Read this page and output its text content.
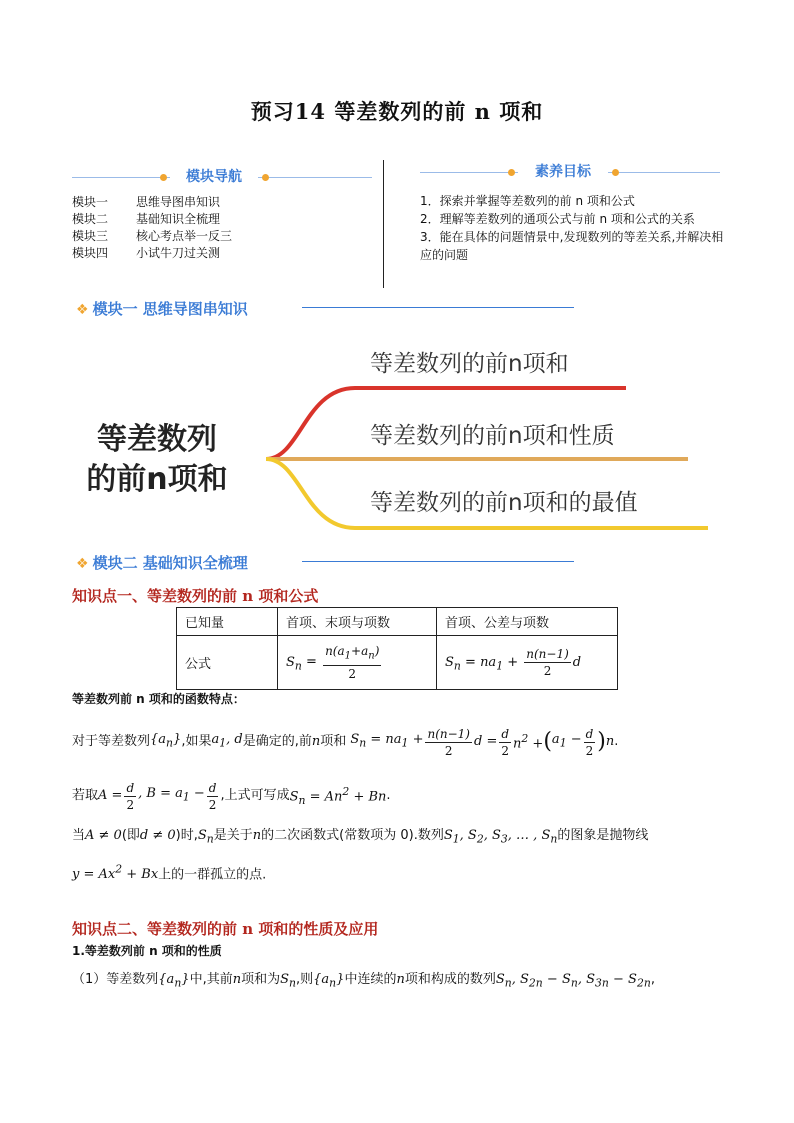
预习14 等差数列的前 n 项和
模块导航
模块一	思维导图串知识
模块二	基础知识全梳理
模块三	核心考点举一反三
模块四	小试牛刀过关测
素养目标
1．探索并掌握等差数列的前 n 项和公式
2．理解等差数列的通项公式与前 n 项和公式的关系
3．能在具体的问题情景中,发现数列的等差关系,并解决相应的问题
❖ 模块一 思维导图串知识
等差数列
的前n项和
等差数列的前n项和
等差数列的前n项和性质
等差数列的前n项和的最值
❖ 模块二 基础知识全梳理
知识点一、等差数列的前 n 项和公式
已知量	首项、末项与项数	首项、公差与项数
公式	$S_n = \frac{n(a_1+a_n)}{2}$	$S_n = na_1 + \frac{n(n-1)}{2}$ d
等差数列前 n 项和的函数特点：
对于等差数列 $\{a_n\}$ ,如果 $a_1$, d 是确定的,前 n 项和 $S_n = na_1 + \frac{n(n-1)}{2}$ $d = \frac{d}{2} n^2$ + ( $a_1 - \frac{d}{2}$ ) n .
若取 $A = \frac{d}{2}$ , $B = a_1 - \frac{d}{2}$ ,上式可写成 $S_n = An^2 + Bn$ .
当A ≠ 0(即d ≠ 0)时$,S_n$是关于n的二次函数式(常数项为 0).数列$S_1$, $S_2$, $S_3$, … , $S_n$的图象是抛物线
$y = Ax^2 + Bx$上的一群孤立的点.
知识点二、等差数列的前 n 项和的性质及应用
1.等差数列前 n 项和的性质
（1）等差数列$\{a_n\}$中,其前n项和为$S_n$,则$\{a_n\}$中连续的n项和构成的数列$S_n$, $S_{2n} - S_n$, $S_{3n} - S_{2n}$,
